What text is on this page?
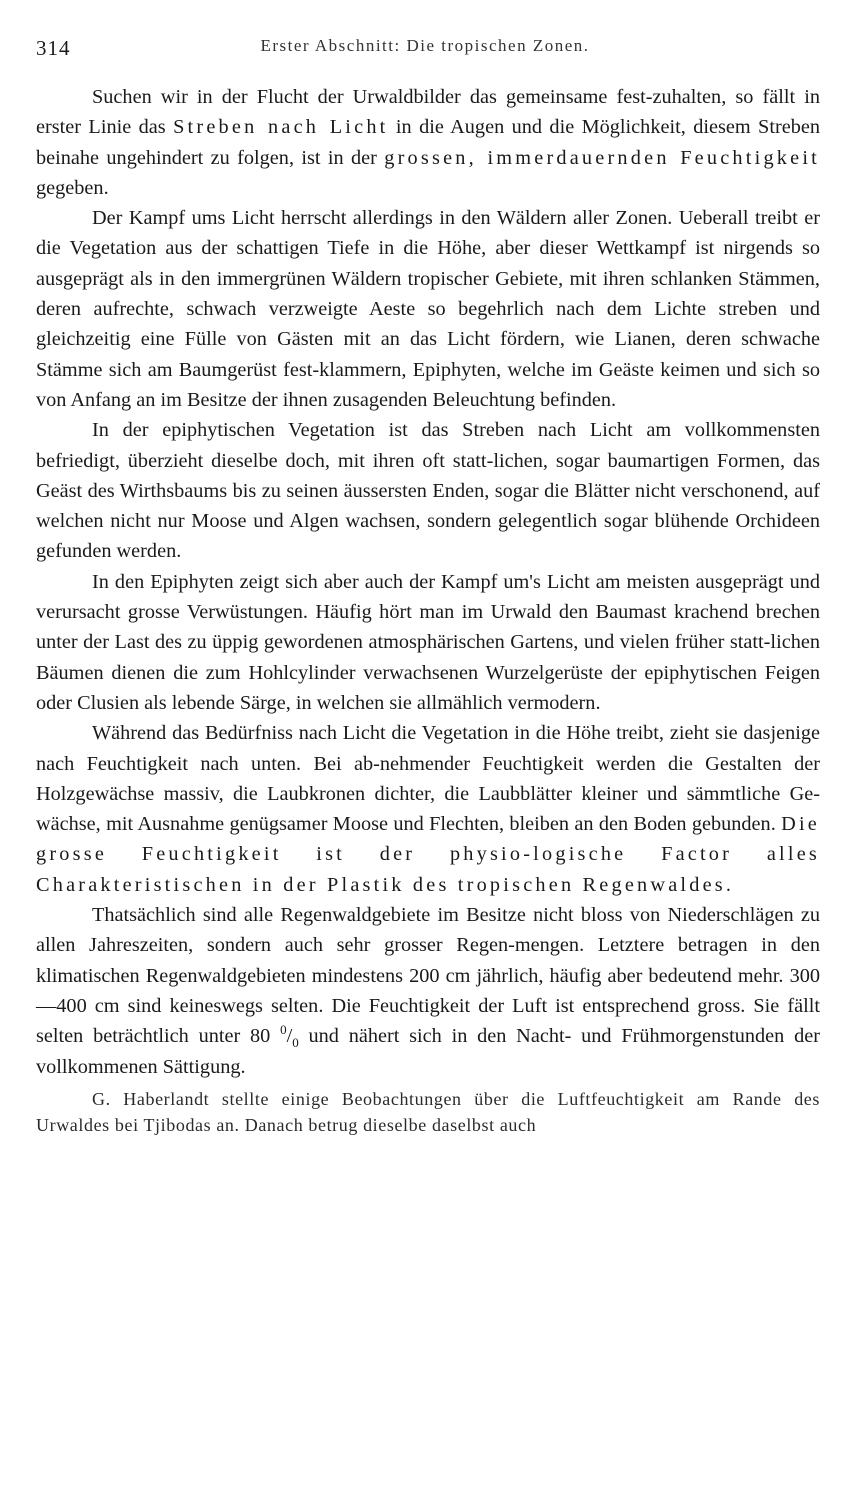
314	Erster Abschnitt: Die tropischen Zonen.

Suchen wir in der Flucht der Urwaldbilder das gemeinsame fest-zuhalten, so fällt in erster Linie das Streben nach Licht in die Augen und die Möglichkeit, diesem Streben beinahe ungehindert zu folgen, ist in der grossen, immerdauernden Feuchtigkeit gegeben.

Der Kampf ums Licht herrscht allerdings in den Wäldern aller Zonen. Ueberall treibt er die Vegetation aus der schattigen Tiefe in die Höhe, aber dieser Wettkampf ist nirgends so ausgeprägt als in den immergrünen Wäldern tropischer Gebiete, mit ihren schlanken Stämmen, deren aufrechte, schwach verzweigte Aeste so begehrlich nach dem Lichte streben und gleichzeitig eine Fülle von Gästen mit an das Licht fördern, wie Lianen, deren schwache Stämme sich am Baumgerüst fest-klammern, Epiphyten, welche im Geäste keimen und sich so von Anfang an im Besitze der ihnen zusagenden Beleuchtung befinden.

In der epiphytischen Vegetation ist das Streben nach Licht am vollkommensten befriedigt, überzieht dieselbe doch, mit ihren oft statt-lichen, sogar baumartigen Formen, das Geäst des Wirthsbaums bis zu seinen äussersten Enden, sogar die Blätter nicht verschonend, auf welchen nicht nur Moose und Algen wachsen, sondern gelegentlich sogar blühende Orchideen gefunden werden.

In den Epiphyten zeigt sich aber auch der Kampf um's Licht am meisten ausgeprägt und verursacht grosse Verwüstungen. Häufig hört man im Urwald den Baumast krachend brechen unter der Last des zu üppig gewordenen atmosphärischen Gartens, und vielen früher statt-lichen Bäumen dienen die zum Hohlcylinder verwachsenen Wurzelgerüste der epiphytischen Feigen oder Clusien als lebende Särge, in welchen sie allmählich vermodern.

Während das Bedürfniss nach Licht die Vegetation in die Höhe treibt, zieht sie dasjenige nach Feuchtigkeit nach unten. Bei ab-nehmender Feuchtigkeit werden die Gestalten der Holzgewächse massiv, die Laubkronen dichter, die Laubblätter kleiner und sämmtliche Ge-wächse, mit Ausnahme genügsamer Moose und Flechten, bleiben an den Boden gebunden. Die grosse Feuchtigkeit ist der physio-logische Factor alles Charakteristischen in der Plastik des tropischen Regenwaldes.

Thatsächlich sind alle Regenwaldgebiete im Besitze nicht bloss von Niederschlägen zu allen Jahreszeiten, sondern auch sehr grosser Regen-mengen. Letztere betragen in den klimatischen Regenwaldgebieten mindestens 200 cm jährlich, häufig aber bedeutend mehr. 300—400 cm sind keineswegs selten. Die Feuchtigkeit der Luft ist entsprechend gross. Sie fällt selten beträchtlich unter 80 $^0/_0$ und nähert sich in den Nacht- und Frühmorgenstunden der vollkommenen Sättigung.

G. Haberlandt stellte einige Beobachtungen über die Luftfeuchtigkeit am Rande des Urwaldes bei Tjibodas an. Danach betrug dieselbe daselbst auch
